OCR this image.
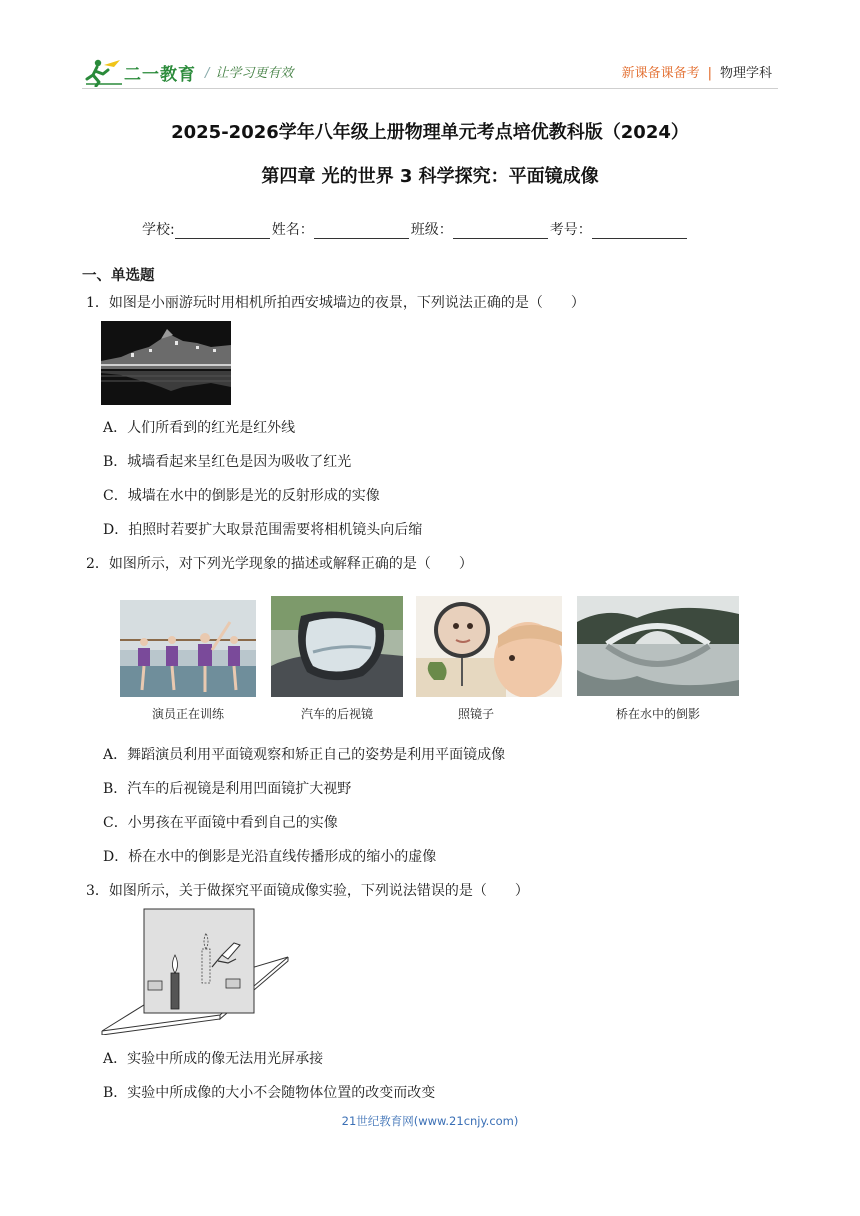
二一教育 / 让学习更有效	新课备课备考 | 物理学科
2025-2026学年八年级上册物理单元考点培优教科版（2024）
第四章 光的世界 3 科学探究：平面镜成像
学校:	姓名：	班级：	考号：
一、单选题
1．如图是小丽游玩时用相机所拍西安城墙边的夜景，下列说法正确的是（　　）
A．人们所看到的红光是红外线
B．城墙看起来呈红色是因为吸收了红光
C．城墙在水中的倒影是光的反射形成的实像
D．拍照时若要扩大取景范围需要将相机镜头向后缩
2．如图所示，对下列光学现象的描述或解释正确的是（　　）
演员正在训练	汽车的后视镜	照镜子	桥在水中的倒影
A．舞蹈演员利用平面镜观察和矫正自己的姿势是利用平面镜成像
B．汽车的后视镜是利用凹面镜扩大视野
C．小男孩在平面镜中看到自己的实像
D．桥在水中的倒影是光沿直线传播形成的缩小的虚像
3．如图所示，关于做探究平面镜成像实验，下列说法错误的是（　　）
A．实验中所成的像无法用光屏承接
B．实验中所成像的大小不会随物体位置的改变而改变
21世纪教育网(www.21cnjy.com)
